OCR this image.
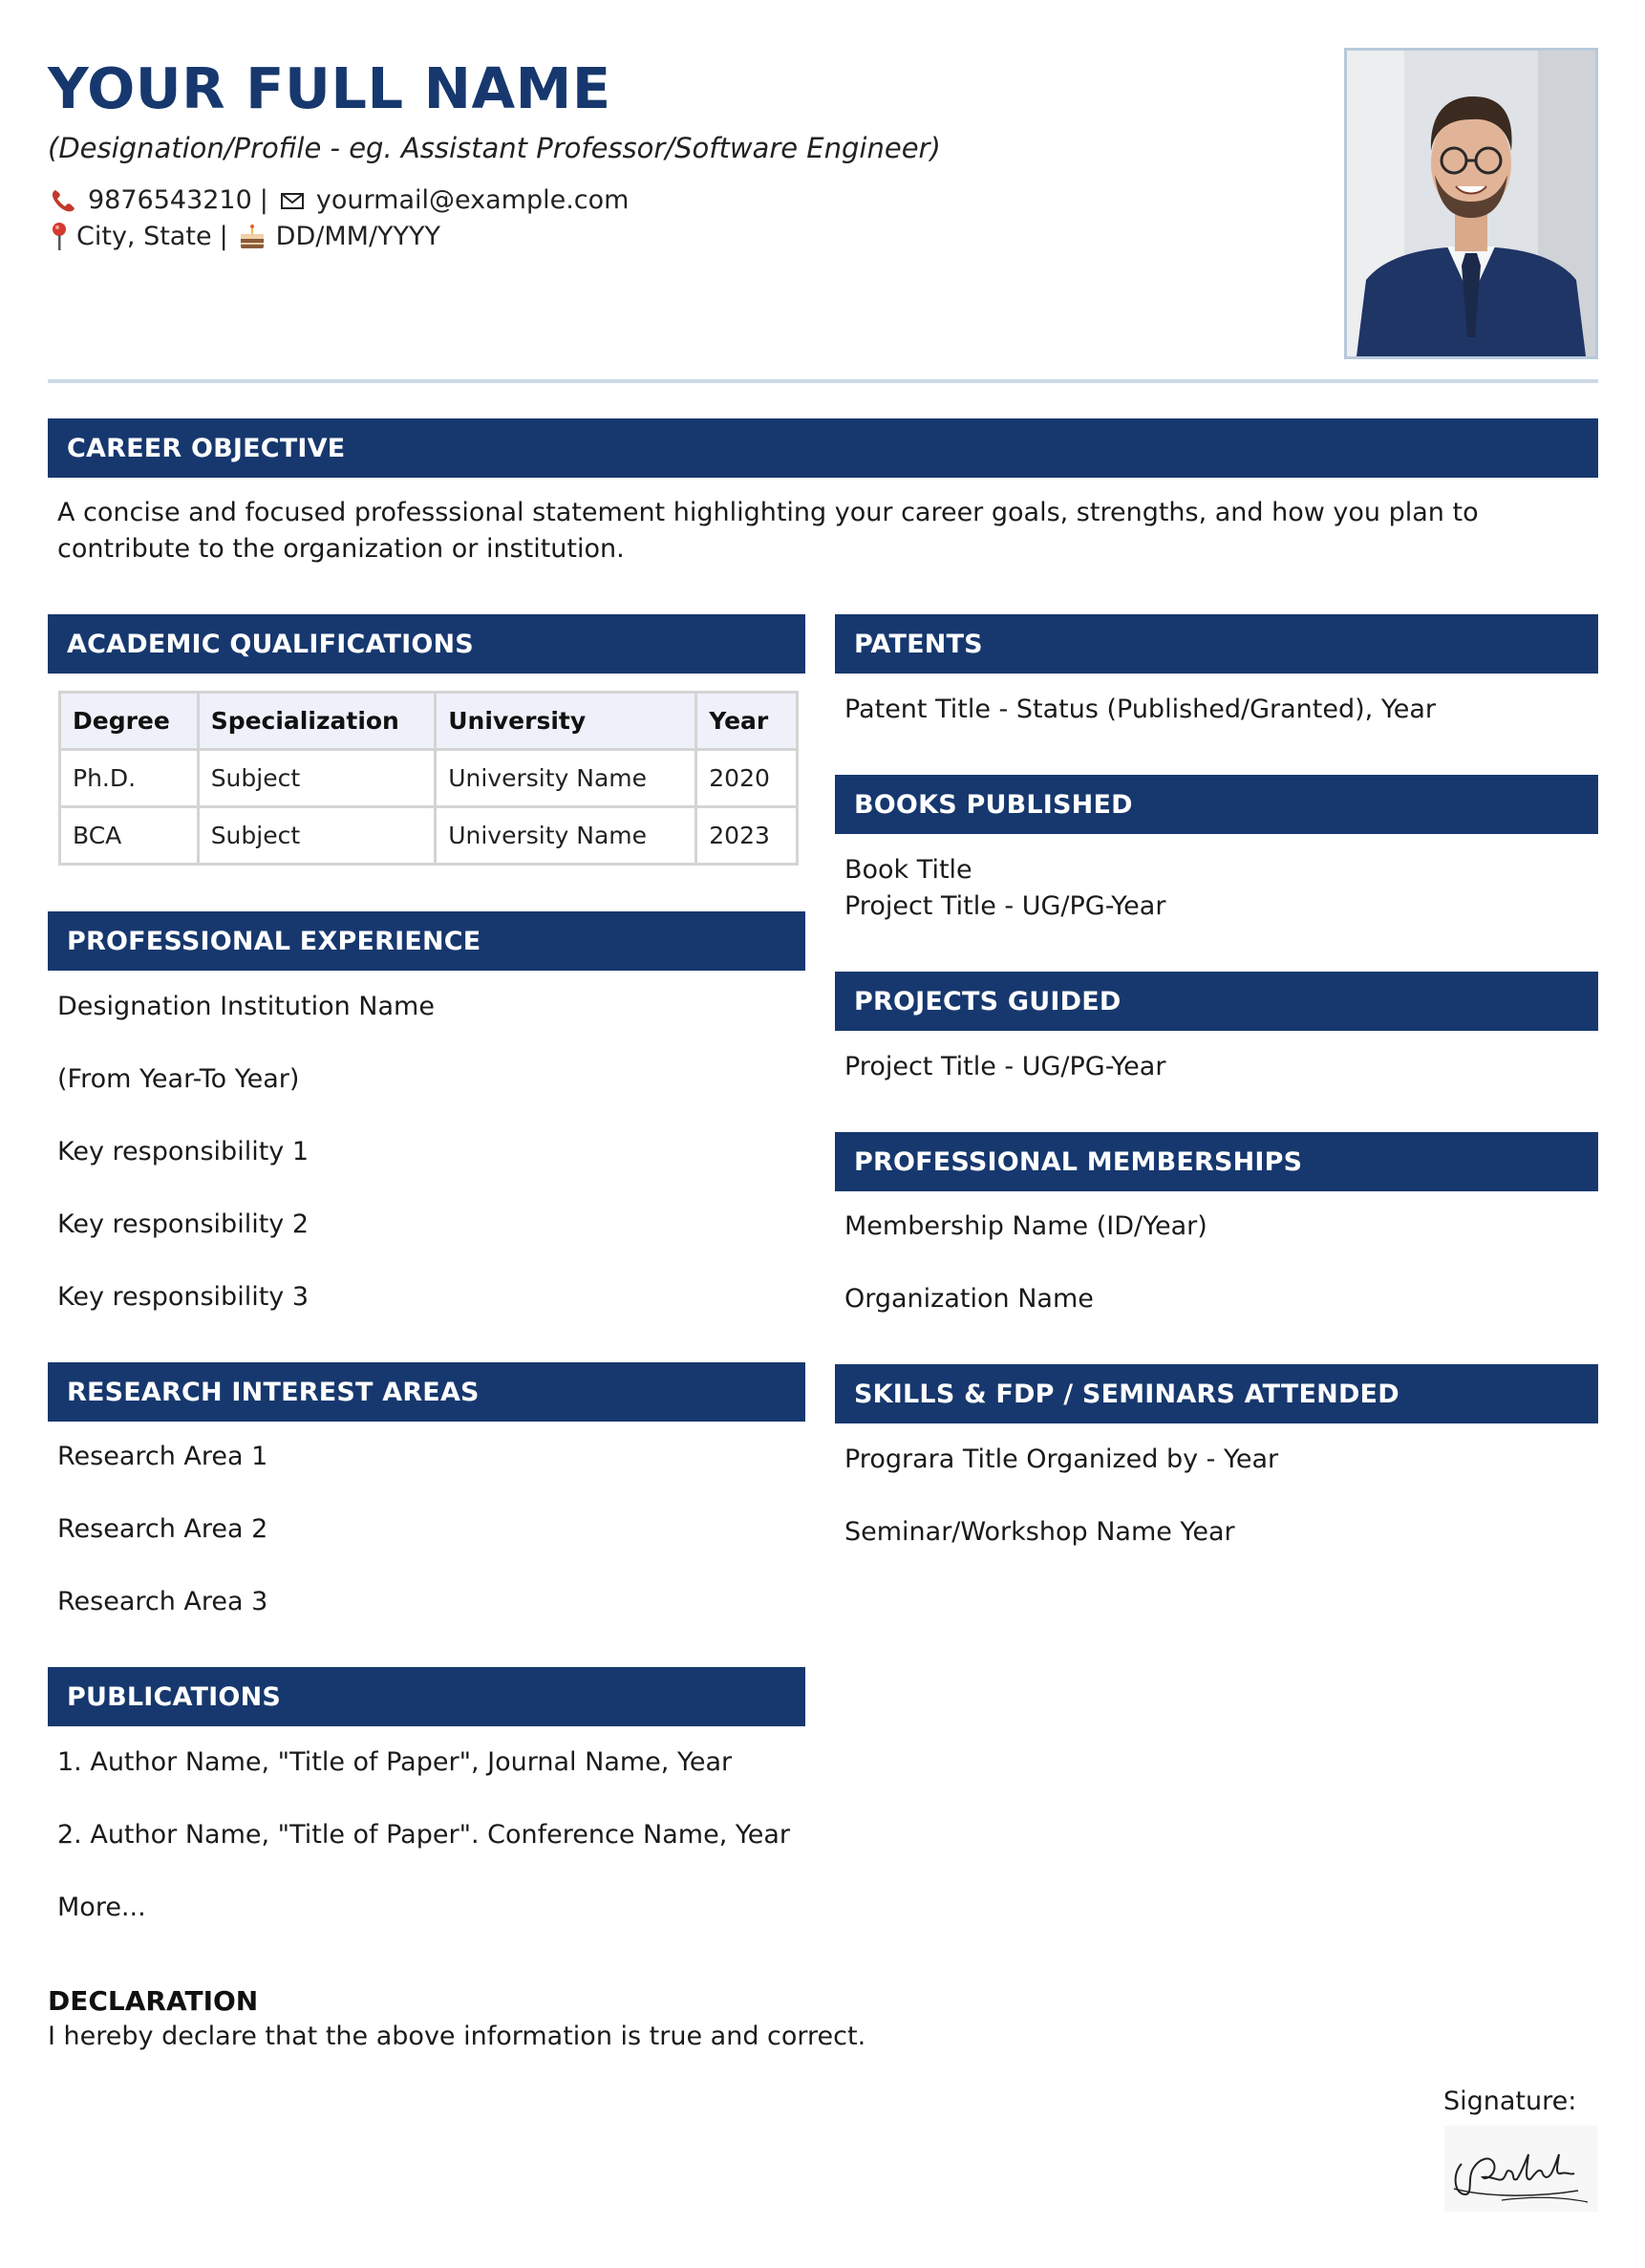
YOUR FULL NAME
(Designation/Profile - eg. Assistant Professor/Software Engineer)
9876543210 | yourmail@example.com
City, State | DD/MM/YYYY
CAREER OBJECTIVE
A concise and focused professsional statement highlighting your career goals, strengths, and how you plan to contribute to the organization or institution.
ACADEMIC QUALIFICATIONS
Degree	Specialization	University	Year
Ph.D.	Subject	University Name	2020
BCA	Subject	University Name	2023
PROFESSIONAL EXPERIENCE
Designation Institution Name
(From Year-To Year)
Key responsibility 1
Key responsibility 2
Key responsibility 3
RESEARCH INTEREST AREAS
Research Area 1
Research Area 2
Research Area 3
PUBLICATIONS
1. Author Name, "Title of Paper", Journal Name, Year
2. Author Name, "Title of Paper". Conference Name, Year
More...
PATENTS
Patent Title - Status (Published/Granted), Year
BOOKS PUBLISHED
Book Title
Project Title - UG/PG-Year
PROJECTS GUIDED
Project Title - UG/PG-Year
PROFESSIONAL MEMBERSHIPS
Membership Name (ID/Year)
Organization Name
SKILLS & FDP / SEMINARS ATTENDED
Prograra Title Organized by - Year
Seminar/Workshop Name Year
DECLARATION
I hereby declare that the above information is true and correct.
Signature:
